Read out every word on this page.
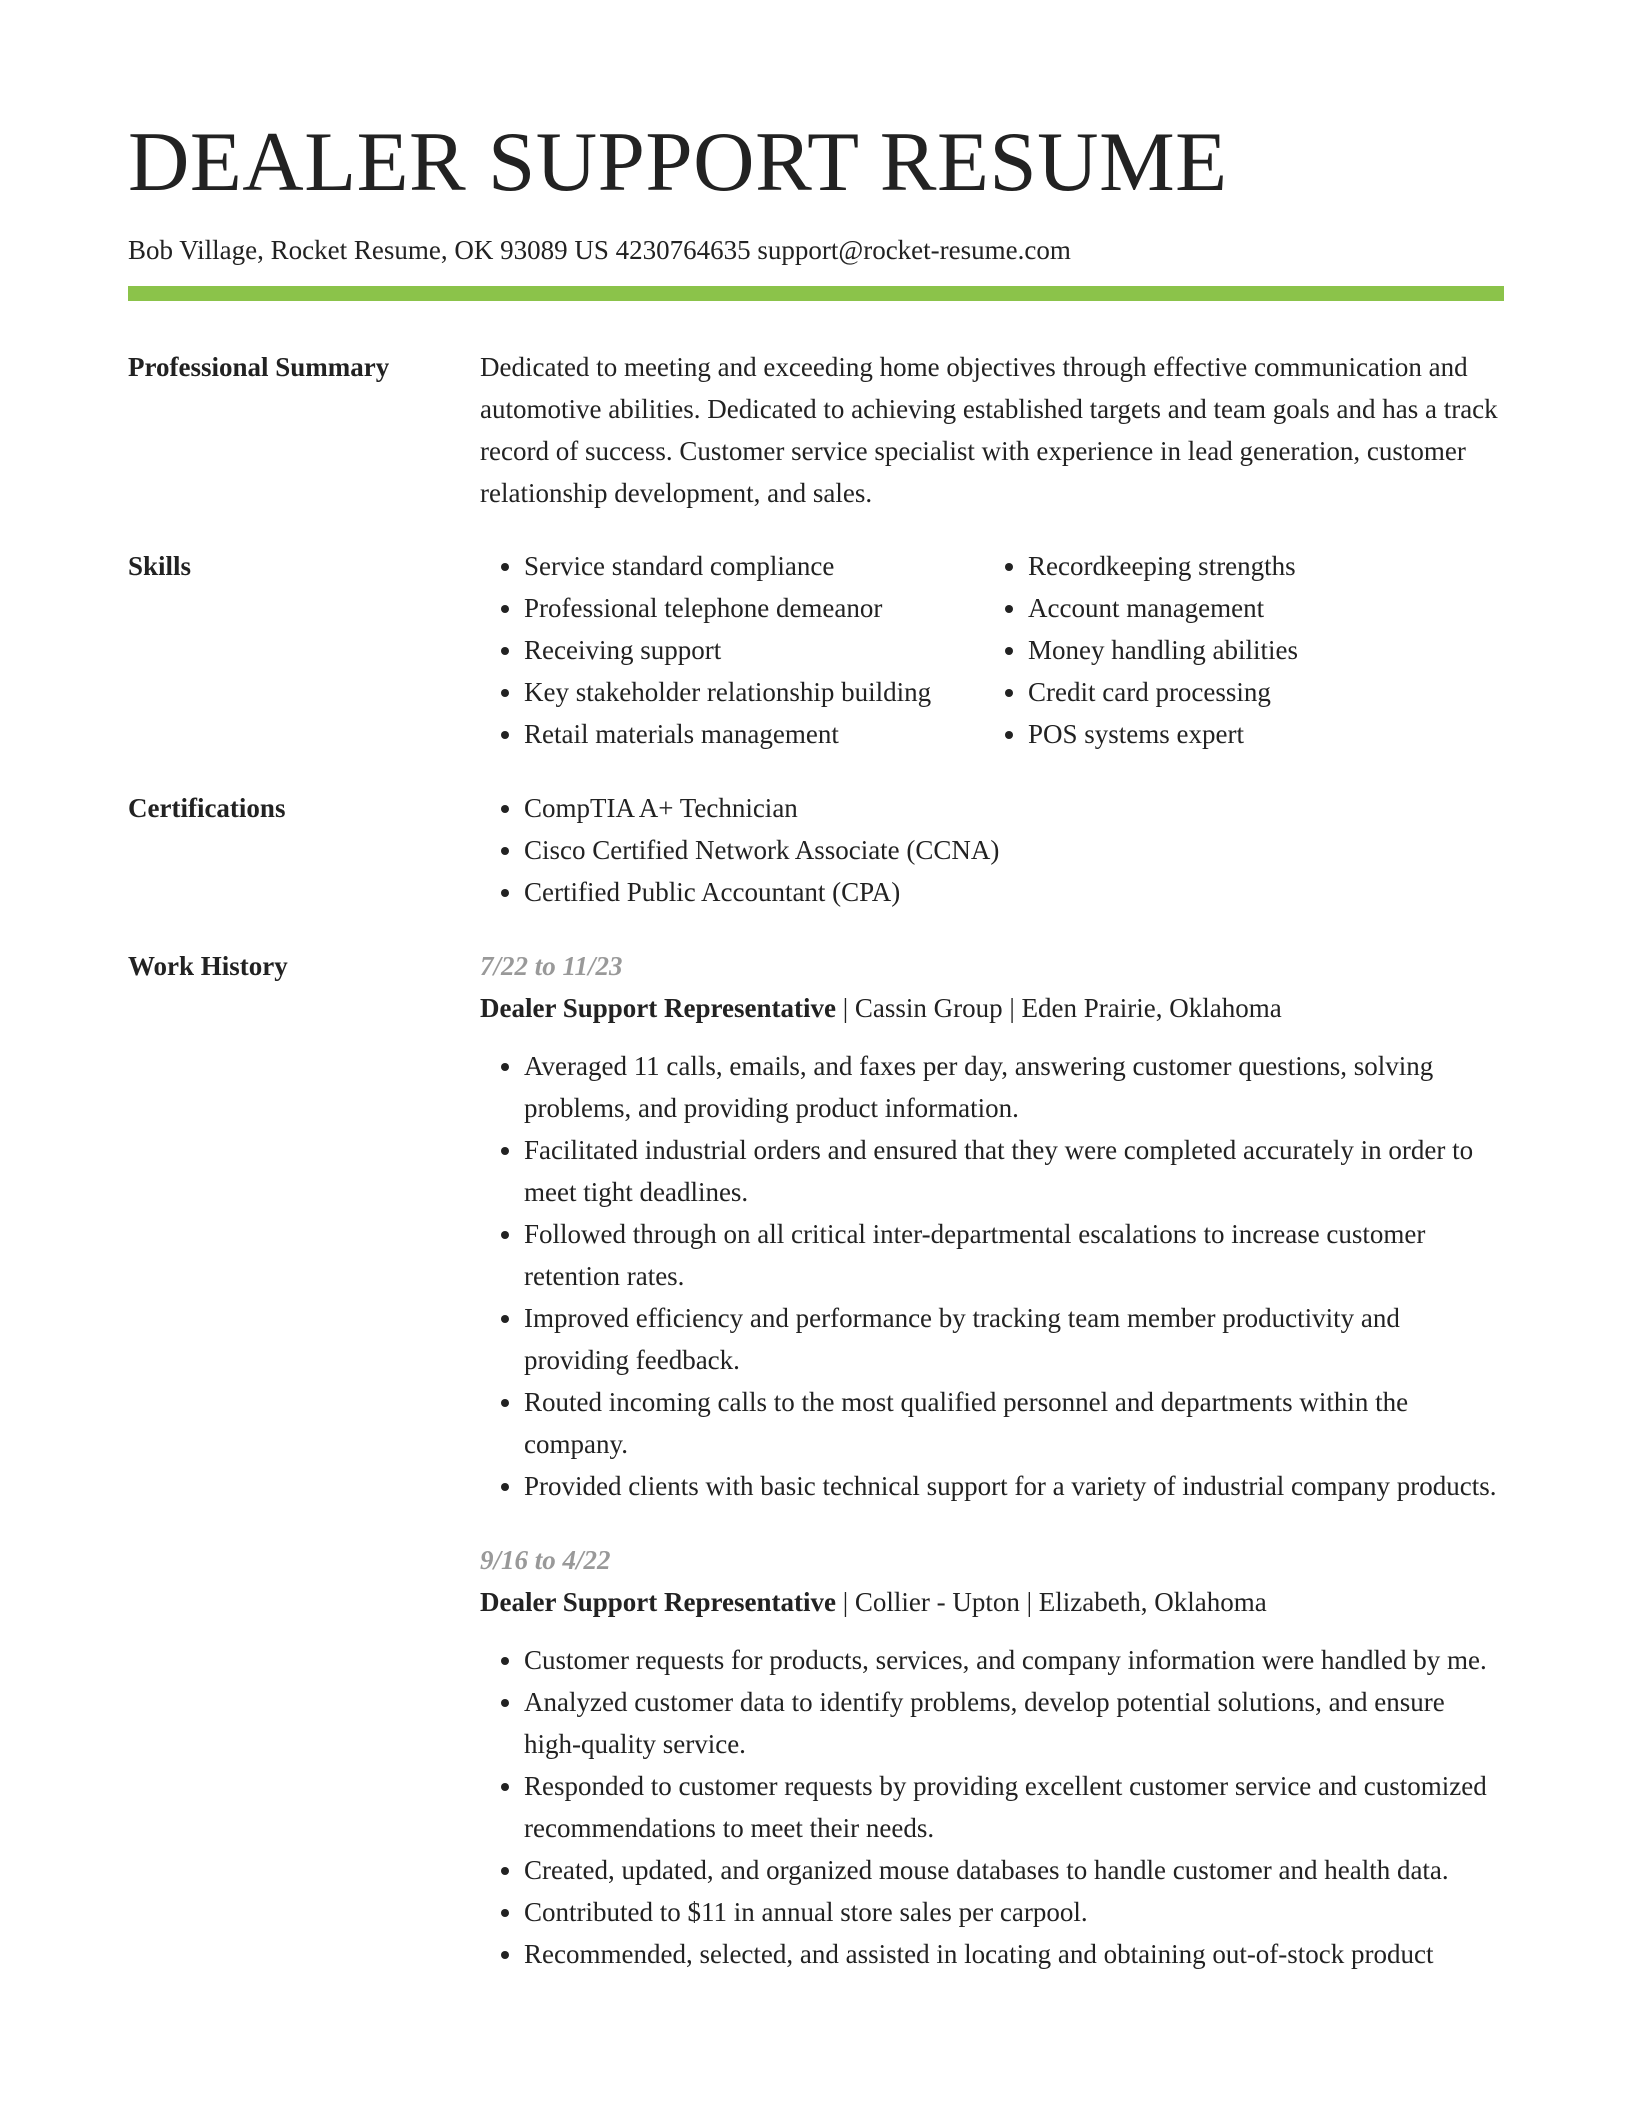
DEALER SUPPORT RESUME
Bob Village, Rocket Resume, OK 93089 US 4230764635 support@rocket-resume.com
Professional Summary	Dedicated to meeting and exceeding home objectives through effective communication and automotive abilities. Dedicated to achieving established targets and team goals and has a track record of success. Customer service specialist with experience in lead generation, customer relationship development, and sales.

Skills	• Service standard compliance
• Professional telephone demeanor
• Receiving support
• Key stakeholder relationship building
• Retail materials management
• Recordkeeping strengths
• Account management
• Money handling abilities
• Credit card processing
• POS systems expert
Certifications	• CompTIA A+ Technician
• Cisco Certified Network Associate (CCNA)
• Certified Public Accountant (CPA)
Work History	7/22 to 11/23
Dealer Support Representative | Cassin Group | Eden Prairie, Oklahoma
• Averaged 11 calls, emails, and faxes per day, answering customer questions, solving problems, and providing product information.
• Facilitated industrial orders and ensured that they were completed accurately in order to meet tight deadlines.
• Followed through on all critical inter-departmental escalations to increase customer retention rates.
• Improved efficiency and performance by tracking team member productivity and providing feedback.
• Routed incoming calls to the most qualified personnel and departments within the company.
• Provided clients with basic technical support for a variety of industrial company products.
9/16 to 4/22
Dealer Support Representative | Collier - Upton | Elizabeth, Oklahoma
• Customer requests for products, services, and company information were handled by me.
• Analyzed customer data to identify problems, develop potential solutions, and ensure high-quality service.
• Responded to customer requests by providing excellent customer service and customized recommendations to meet their needs.
• Created, updated, and organized mouse databases to handle customer and health data.
• Contributed to $11 in annual store sales per carpool.
• Recommended, selected, and assisted in locating and obtaining out-of-stock product
